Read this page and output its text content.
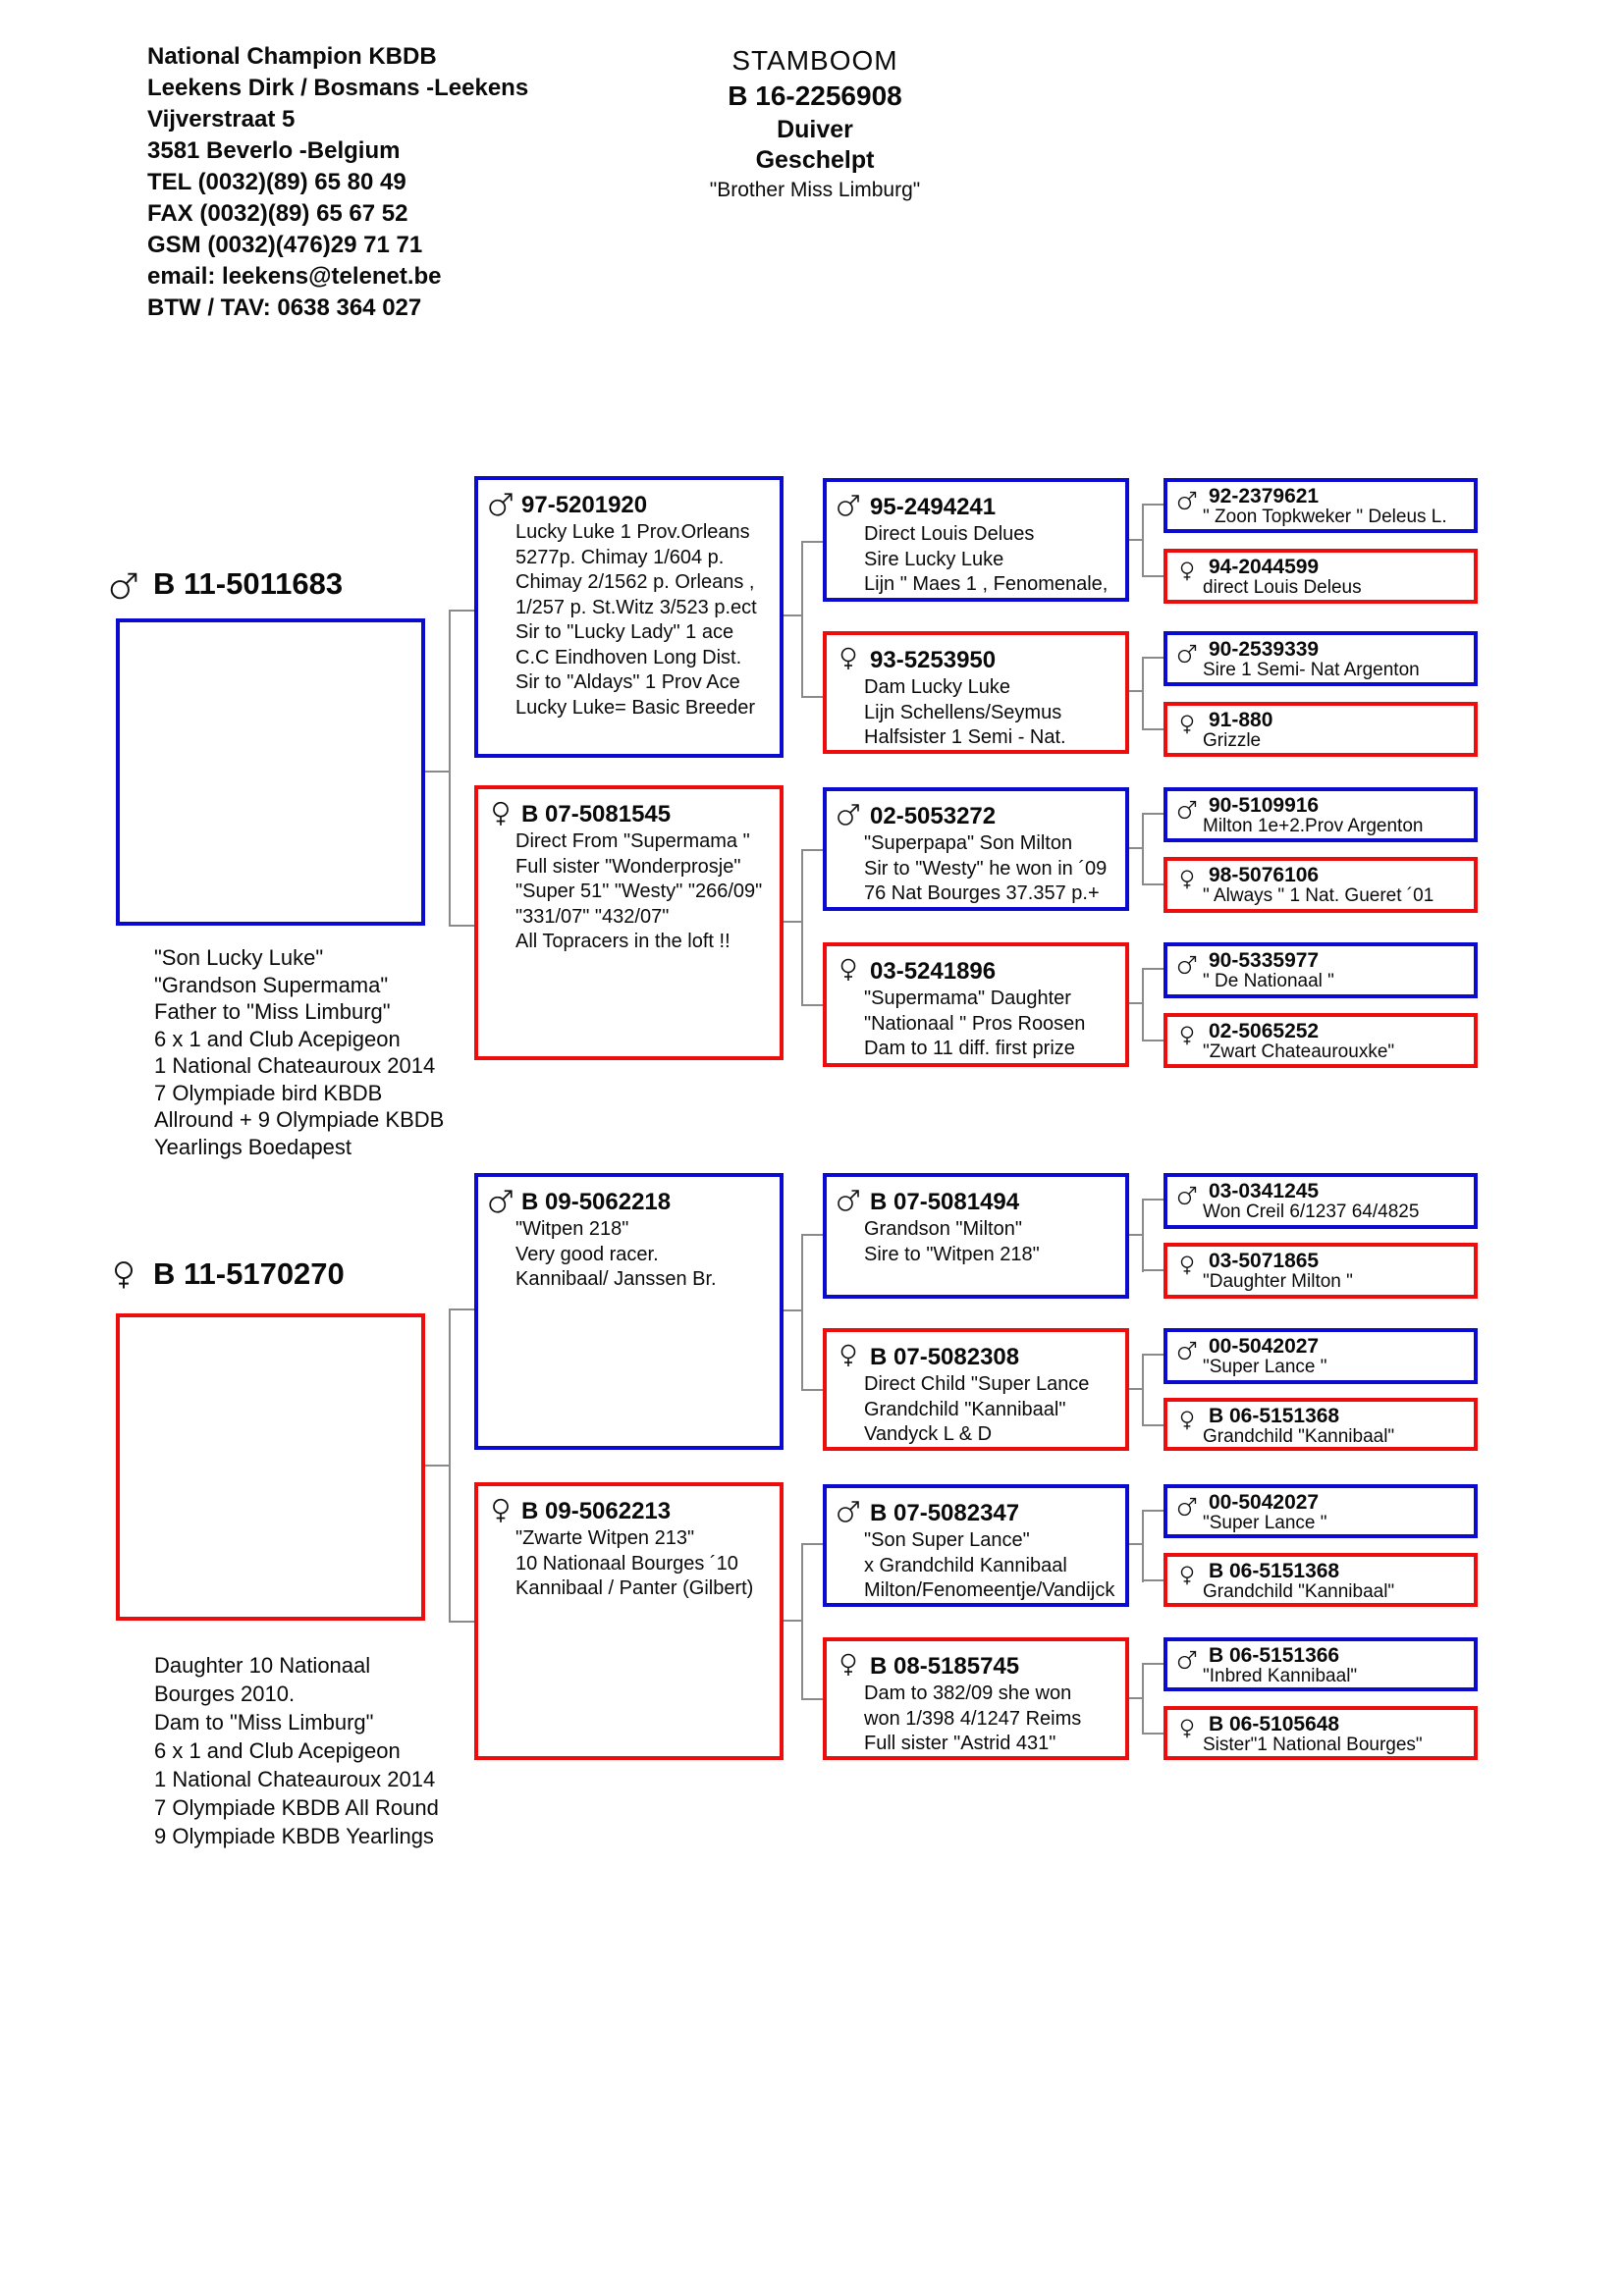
National Champion KBDB
Leekens Dirk / Bosmans -Leekens
Vijverstraat 5
3581 Beverlo -Belgium
TEL (0032)(89) 65 80 49
FAX (0032)(89) 65 67 52
GSM (0032)(476)29 71 71
email: leekens@telenet.be
BTW / TAV: 0638 364 027
STAMBOOM
B 16-2256908
Duiver
Geschelpt
"Brother Miss Limburg"
B 11-5011683
"Son Lucky Luke"
"Grandson Supermama"
Father to "Miss Limburg"
6 x 1 and Club Acepigeon
1 National Chateauroux 2014
7 Olympiade bird KBDB
Allround + 9 Olympiade KBDB
Yearlings Boedapest
B 11-5170270
Daughter 10 Nationaal
Bourges 2010.
Dam to "Miss Limburg"
6 x 1 and Club Acepigeon
1 National Chateauroux 2014
7 Olympiade KBDB All Round
9 Olympiade KBDB Yearlings
97-5201920
Lucky Luke 1 Prov.Orleans
5277p. Chimay 1/604 p.
Chimay 2/1562 p. Orleans ,
1/257 p. St.Witz 3/523 p.ect
Sir to "Lucky Lady" 1 ace
C.C Eindhoven Long Dist.
Sir to "Aldays" 1 Prov Ace
Lucky Luke= Basic Breeder
B 07-5081545
Direct From "Supermama "
Full sister "Wonderprosje"
"Super 51" "Westy" "266/09"
"331/07" "432/07"
All Topracers in the loft !!
B 09-5062218
"Witpen 218"
Very good racer.
Kannibaal/ Janssen Br.
B 09-5062213
"Zwarte Witpen 213"
10 Nationaal Bourges ´10
Kannibaal / Panter (Gilbert)
95-2494241
Direct Louis Delues
Sire Lucky Luke
Lijn " Maes 1 , Fenomenale,
93-5253950
Dam Lucky Luke
Lijn Schellens/Seymus
Halfsister 1 Semi - Nat.
02-5053272
"Superpapa" Son Milton
Sir to "Westy" he won in ´09
76 Nat Bourges 37.357 p.+
03-5241896
"Supermama" Daughter
"Nationaal " Pros Roosen
Dam to 11 diff. first prize
B 07-5081494
Grandson "Milton"
Sire to "Witpen 218"
B 07-5082308
Direct Child "Super Lance
Grandchild "Kannibaal"
Vandyck L & D
B 07-5082347
"Son Super Lance"
x Grandchild Kannibaal
Milton/Fenomeentje/Vandijck
B 08-5185745
Dam to 382/09 she won
won 1/398 4/1247 Reims
Full sister "Astrid 431"
92-2379621
" Zoon Topkweker " Deleus L.
94-2044599
direct Louis Deleus
90-2539339
Sire 1 Semi- Nat Argenton
91-880
Grizzle
90-5109916
Milton 1e+2.Prov Argenton
98-5076106
" Always " 1 Nat. Gueret ´01
90-5335977
" De Nationaal "
02-5065252
"Zwart Chateaurouxke"
03-0341245
Won Creil 6/1237 64/4825
03-5071865
"Daughter Milton "
00-5042027
"Super Lance "
B 06-5151368
Grandchild "Kannibaal"
00-5042027
"Super Lance "
B 06-5151368
Grandchild "Kannibaal"
B 06-5151366
"Inbred Kannibaal"
B 06-5105648
Sister"1 National Bourges"
